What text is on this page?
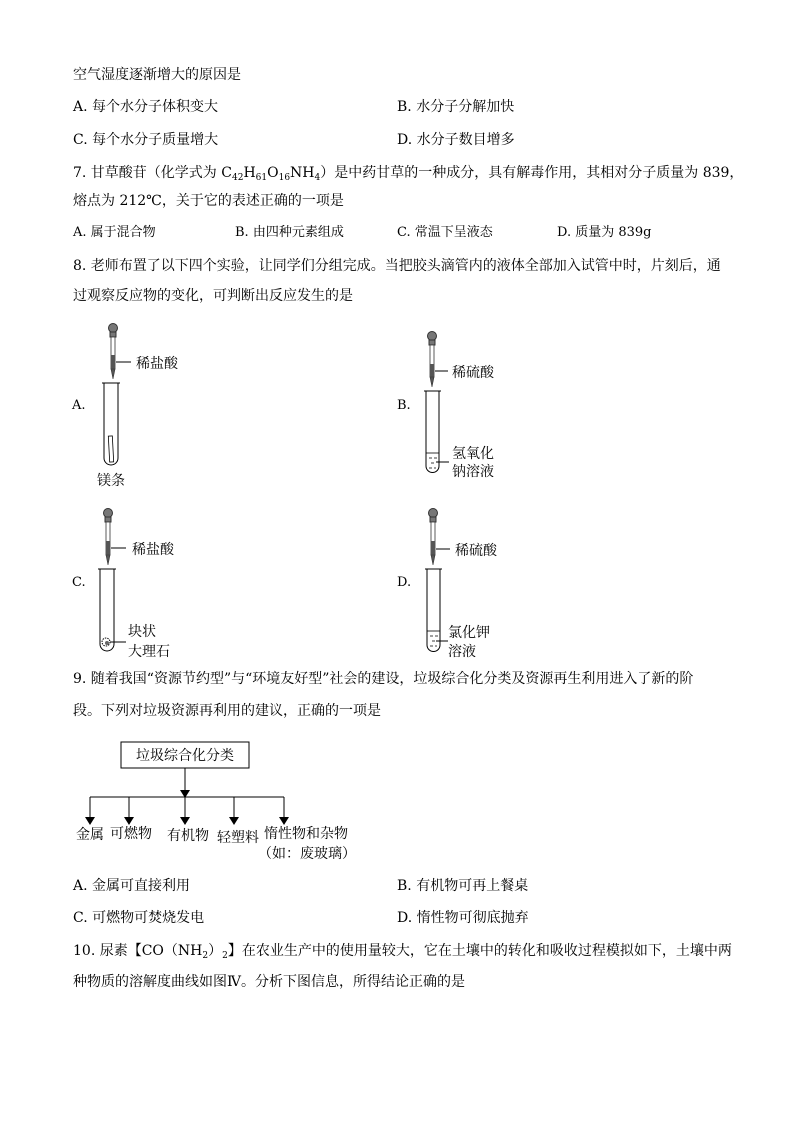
空气湿度逐渐增大的原因是
A. 每个水分子体积变大	B. 水分子分解加快
C. 每个水分子质量增大	D. 水分子数目增多
7. 甘草酸苷（化学式为 $C_{42}H_{61}O_{16}NH_4$）是中药甘草的一种成分，具有解毒作用，其相对分子质量为 839，
熔点为 212℃，关于它的表述正确的一项是
A. 属于混合物	B. 由四种元素组成	C. 常温下呈液态	D. 质量为 839g
8. 老师布置了以下四个实验，让同学们分组完成。当把胶头滴管内的液体全部加入试管中时，片刻后，通
过观察反应物的变化，可判断出反应发生的是
A.
稀盐酸
镁条
B.
稀硫酸
氢氧化
钠溶液
C.
稀盐酸
块状
大理石
D.
稀硫酸
氯化钾
溶液
垃圾综合化分类
金属 可燃物 有机物 轻塑料 惰性物和杂物
（如：废玻璃）
9. 随着我国“资源节约型”与“环境友好型”社会的建设，垃圾综合化分类及资源再生利用进入了新的阶
段。下列对垃圾资源再利用的建议，正确的一项是
A. 金属可直接利用	B. 有机物可再上餐桌
C. 可燃物可焚烧发电	D. 惰性物可彻底抛弃
10. 尿素【$CO(NH_2)_2$】在农业生产中的使用量较大，它在土壤中的转化和吸收过程模拟如下，土壤中两
种物质的溶解度曲线如图Ⅳ。分析下图信息，所得结论正确的是
